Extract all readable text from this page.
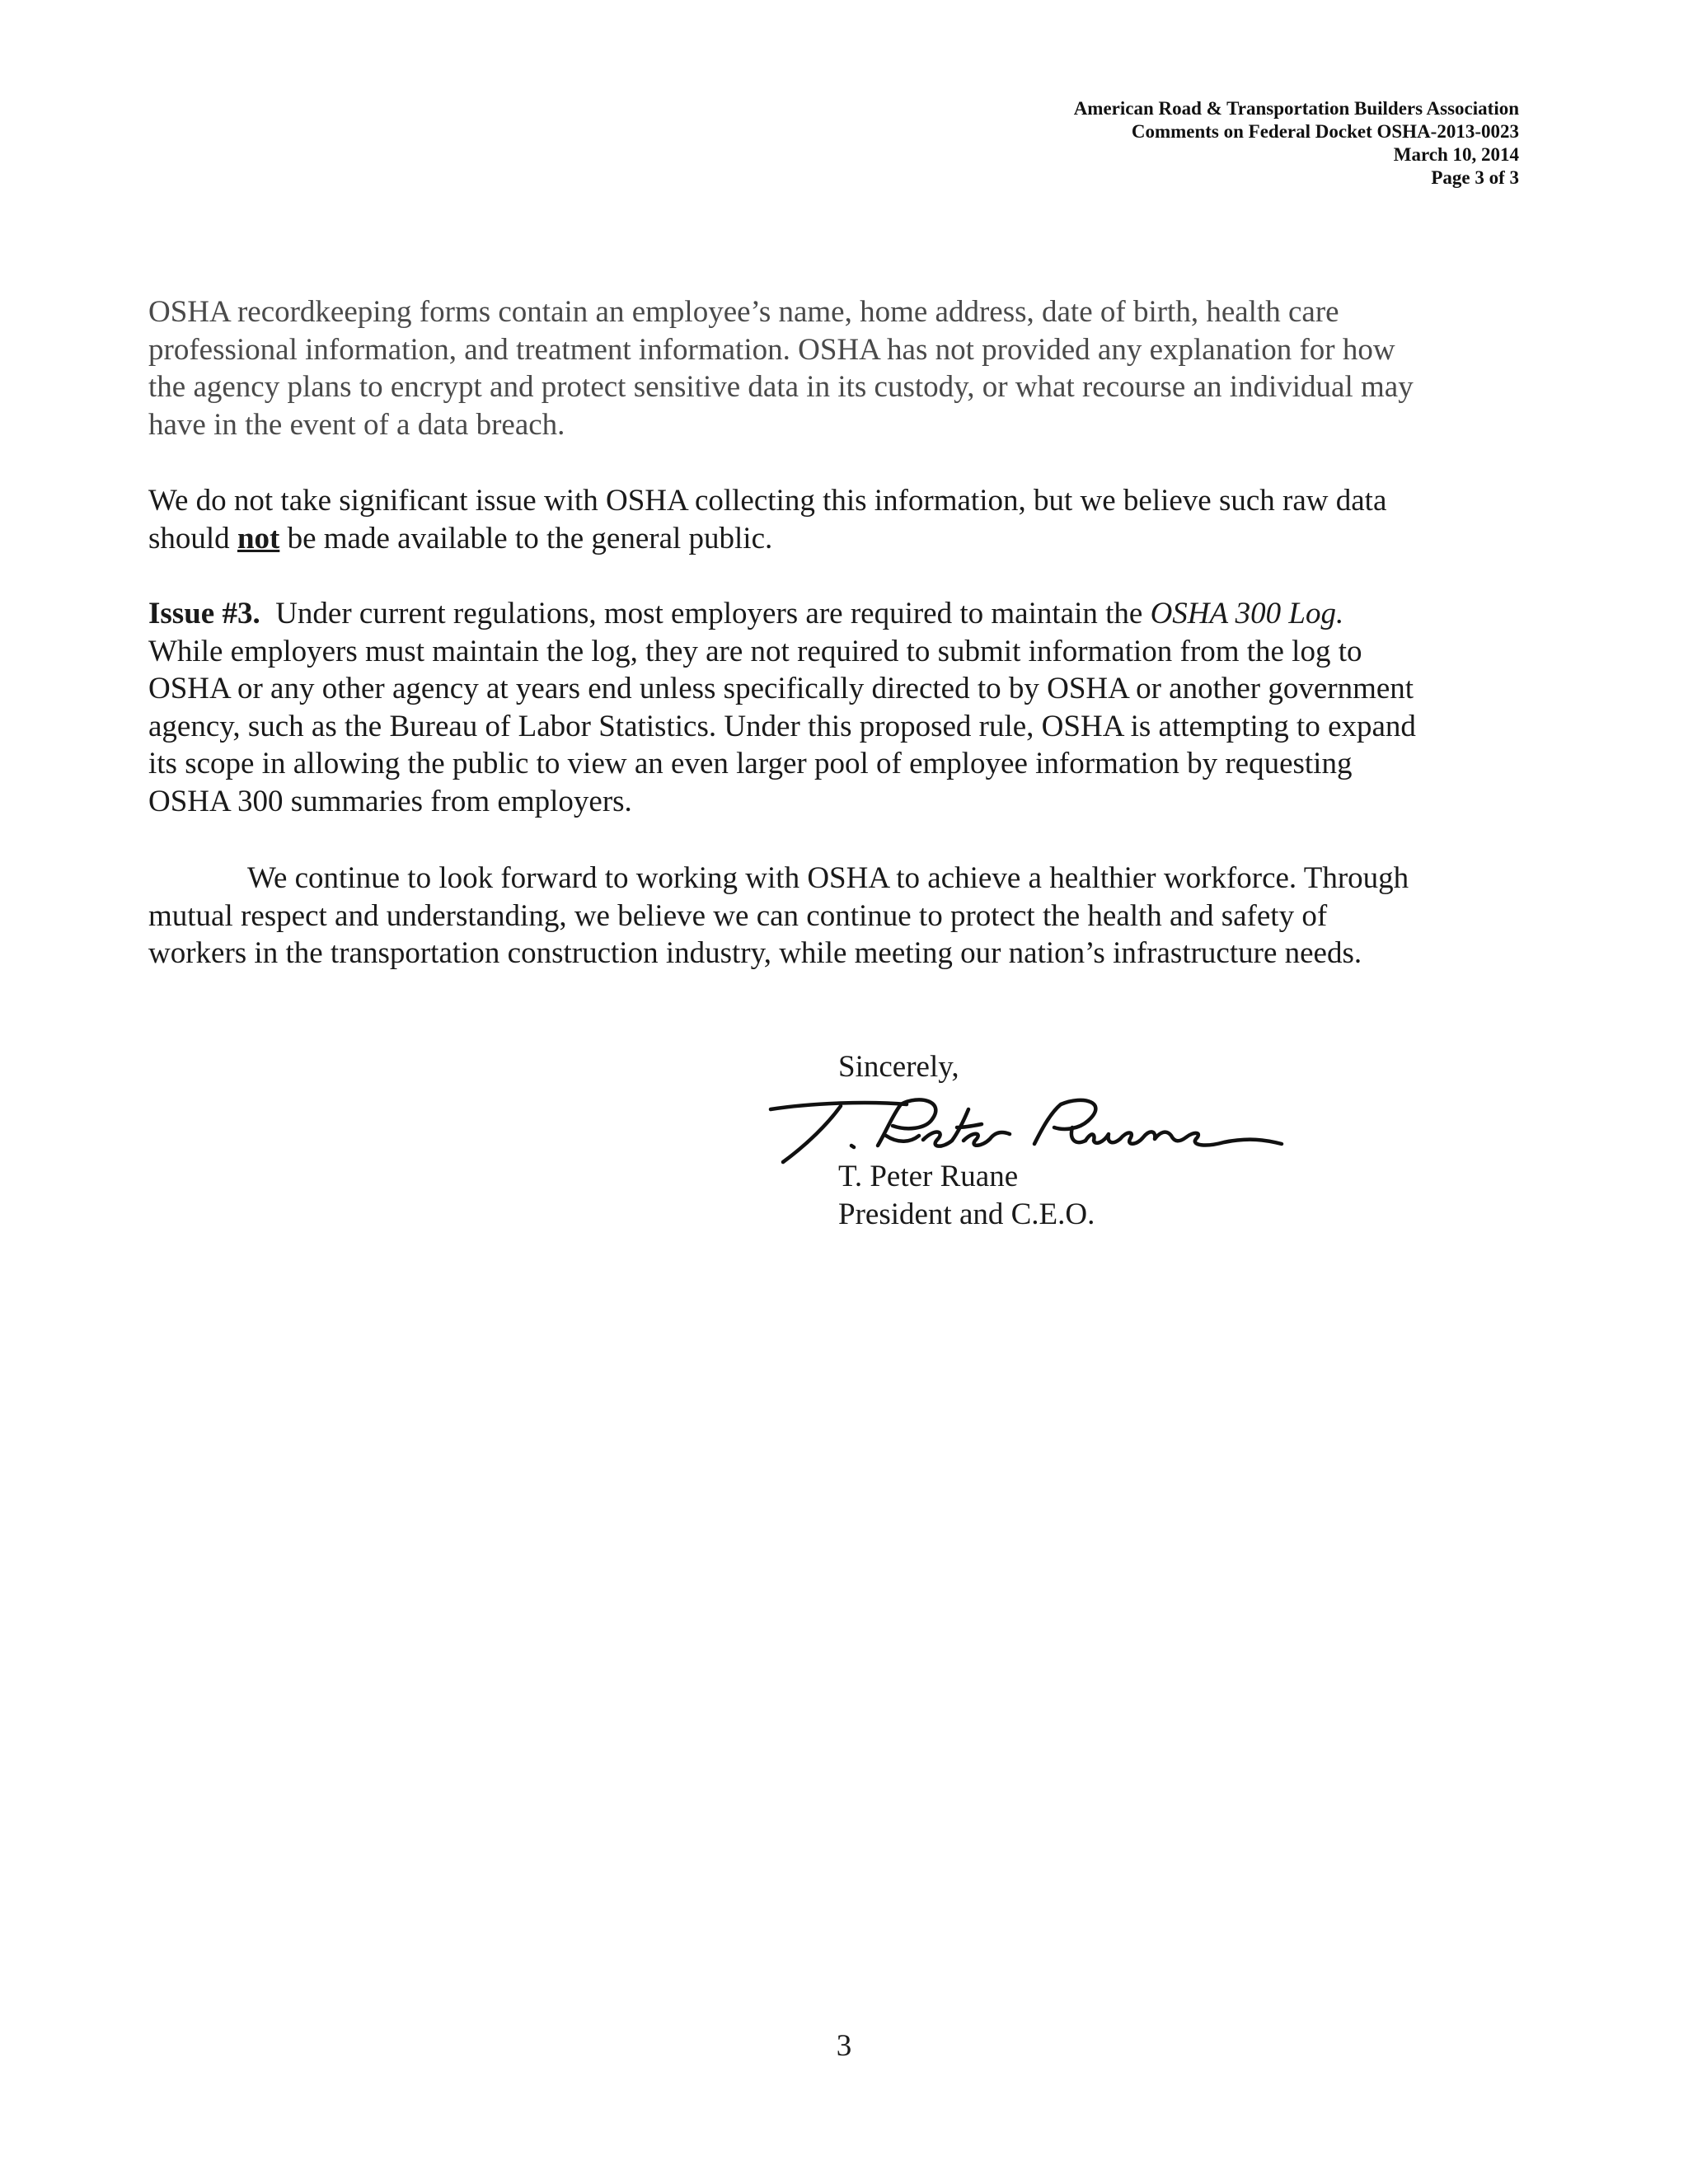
American Road & Transportation Builders Association
Comments on Federal Docket OSHA-2013-0023
March 10, 2014
Page 3 of 3
OSHA recordkeeping forms contain an employee’s name, home address, date of birth, health care
professional information, and treatment information. OSHA has not provided any explanation for how
the agency plans to encrypt and protect sensitive data in its custody, or what recourse an individual may
have in the event of a data breach.
We do not take significant issue with OSHA collecting this information, but we believe such raw data
should not be made available to the general public.
Issue #3.  Under current regulations, most employers are required to maintain the OSHA 300 Log.
While employers must maintain the log, they are not required to submit information from the log to
OSHA or any other agency at years end unless specifically directed to by OSHA or another government
agency, such as the Bureau of Labor Statistics. Under this proposed rule, OSHA is attempting to expand
its scope in allowing the public to view an even larger pool of employee information by requesting
OSHA 300 summaries from employers.
We continue to look forward to working with OSHA to achieve a healthier workforce. Through
mutual respect and understanding, we believe we can continue to protect the health and safety of
workers in the transportation construction industry, while meeting our nation’s infrastructure needs.
Sincerely,
T. Peter Ruane
President and C.E.O.
3
